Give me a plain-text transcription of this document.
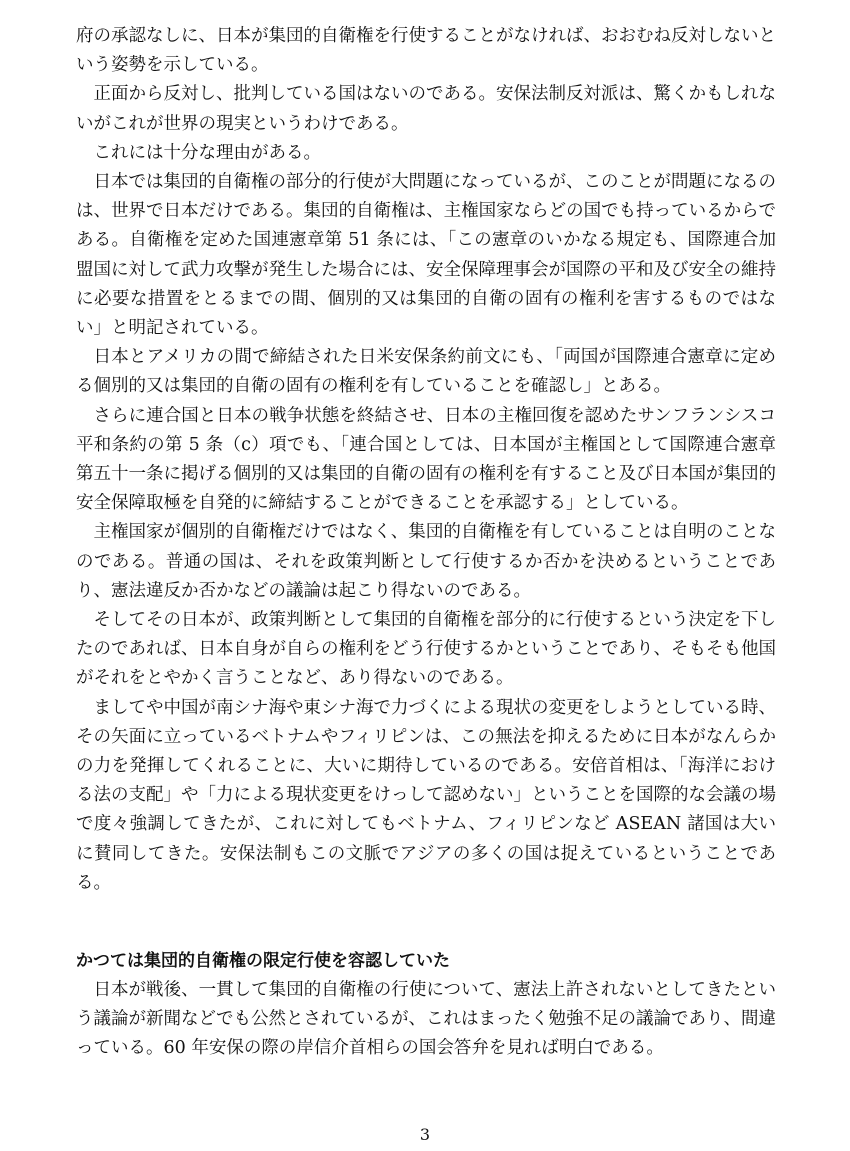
府の承認なしに、日本が集団的自衛権を行使することがなければ、おおむね反対しないという姿勢を示している。

正面から反対し、批判している国はないのである。安保法制反対派は、驚くかもしれないがこれが世界の現実というわけである。

これには十分な理由がある。

日本では集団的自衛権の部分的行使が大問題になっているが、このことが問題になるのは、世界で日本だけである。集団的自衛権は、主権国家ならどの国でも持っているからである。自衛権を定めた国連憲章第 51 条には、「この憲章のいかなる規定も、国際連合加盟国に対して武力攻撃が発生した場合には、安全保障理事会が国際の平和及び安全の維持に必要な措置をとるまでの間、個別的又は集団的自衛の固有の権利を害するものではない」と明記されている。

日本とアメリカの間で締結された日米安保条約前文にも、「両国が国際連合憲章に定める個別的又は集団的自衛の固有の権利を有していることを確認し」とある。

さらに連合国と日本の戦争状態を終結させ、日本の主権回復を認めたサンフランシスコ平和条約の第 5 条（c）項でも、「連合国としては、日本国が主権国として国際連合憲章第五十一条に掲げる個別的又は集団的自衛の固有の権利を有すること及び日本国が集団的安全保障取極を自発的に締結することができることを承認する」としている。

主権国家が個別的自衛権だけではなく、集団的自衛権を有していることは自明のことなのである。普通の国は、それを政策判断として行使するか否かを決めるということであり、憲法違反か否かなどの議論は起こり得ないのである。

そしてその日本が、政策判断として集団的自衛権を部分的に行使するという決定を下したのであれば、日本自身が自らの権利をどう行使するかということであり、そもそも他国がそれをとやかく言うことなど、あり得ないのである。

ましてや中国が南シナ海や東シナ海で力づくによる現状の変更をしようとしている時、その矢面に立っているベトナムやフィリピンは、この無法を抑えるために日本がなんらかの力を発揮してくれることに、大いに期待しているのである。安倍首相は、「海洋における法の支配」や「力による現状変更をけっして認めない」ということを国際的な会議の場で度々強調してきたが、これに対してもベトナム、フィリピンなど ASEAN 諸国は大いに賛同してきた。安保法制もこの文脈でアジアの多くの国は捉えているということである。

かつては集団的自衛権の限定行使を容認していた

日本が戦後、一貫して集団的自衛権の行使について、憲法上許されないとしてきたという議論が新聞などでも公然とされているが、これはまったく勉強不足の議論であり、間違っている。60 年安保の際の岸信介首相らの国会答弁を見れば明白である。

3
